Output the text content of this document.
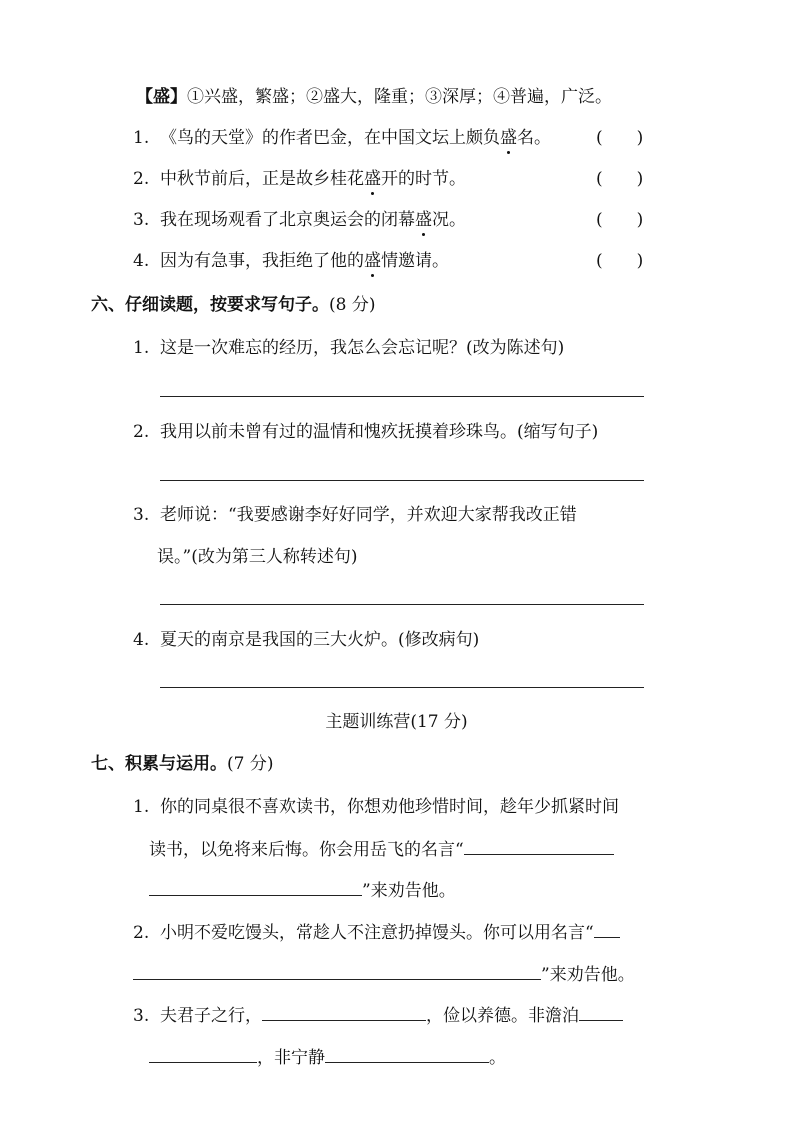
【盛】①兴盛，繁盛；②盛大，隆重；③深厚；④普遍，广泛。
1. 《鸟的天堂》的作者巴金，在中国文坛上颇负盛名。	(　　)
2. 中秋节前后，正是故乡桂花盛开的时节。	(　　)
3. 我在现场观看了北京奥运会的闭幕盛况。	(　　)
4. 因为有急事，我拒绝了他的盛情邀请。	(　　)
六、仔细读题，按要求写句子。(8 分)
1. 这是一次难忘的经历，我怎么会忘记呢？(改为陈述句)
2. 我用以前未曾有过的温情和愧疚抚摸着珍珠鸟。(缩写句子)
3. 老师说：“我要感谢李好好同学，并欢迎大家帮我改正错
误。”(改为第三人称转述句)
4. 夏天的南京是我国的三大火炉。(修改病句)
主题训练营(17 分)
七、积累与运用。(7 分)
1. 你的同桌很不喜欢读书，你想劝他珍惜时间，趁年少抓紧时间
读书，以免将来后悔。你会用岳飞的名言“
”来劝告他。
2. 小明不爱吃馒头，常趁人不注意扔掉馒头。你可以用名言“
”来劝告他。
3. 夫君子之行，	，俭以养德。非澹泊
，非宁静	。
